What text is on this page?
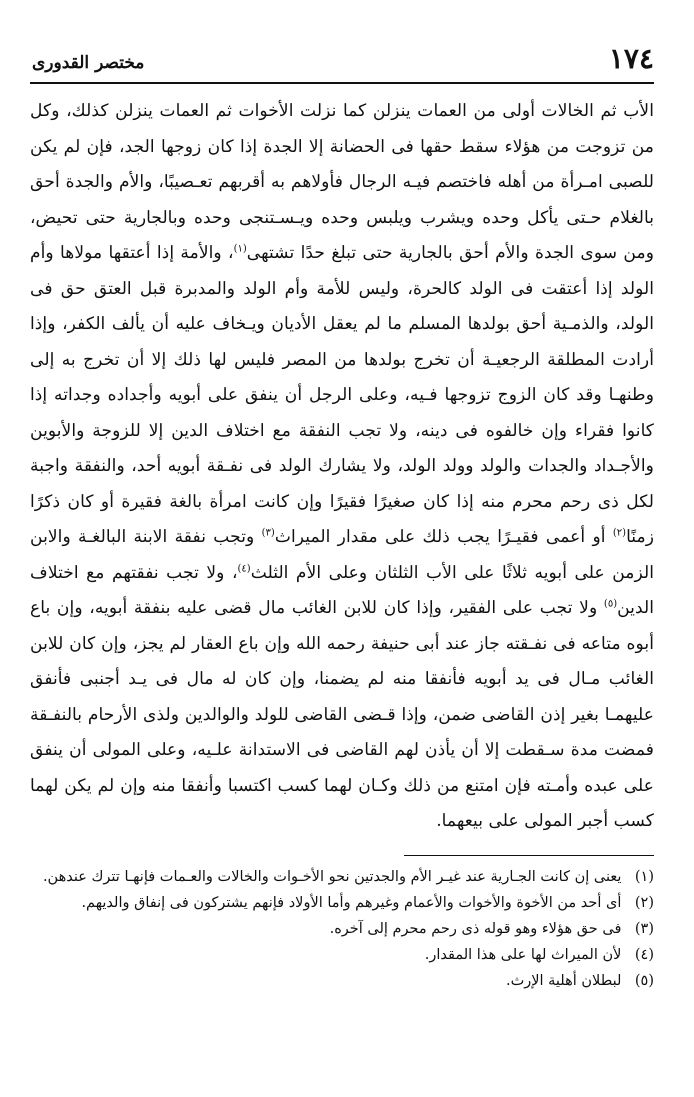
١٧٤
مختصر القدورى
الأب ثم الخالات أولى من العمات ينزلن كما نزلت الأخوات ثم العمات ينزلن كذلك، وكل من تزوجت من هؤلاء سقط حقها فى الحضانة إلا الجدة إذا كان زوجها الجد، فإن لم يكن للصبى امـرأة من أهله فاختصم فيـه الرجال فأولاهم به أقربهم تعـصيبًا، والأم والجدة أحق بالغلام حـتى يأكل وحده ويشرب ويلبس وحده ويـسـتنجى وحده وبالجارية حتى تحيض، ومن سوى الجدة والأم أحق بالجارية حتى تبلغ حدًا تشتهى$^{(١)}$، والأمة إذا أعتقها مولاها وأم الولد إذا أعتقت فى الولد كالحرة، وليس للأمة وأم الولد والمدبرة قبل العتق حق فى الولد، والذمـية أحق بولدها المسلم ما لم يعقل الأديان ويـخاف عليه أن يألف الكفر، وإذا أرادت المطلقة الرجعيـة أن تخرج بولدها من المصر فليس لها ذلك إلا أن تخرج به إلى وطنهـا وقد كان الزوج تزوجها فـيه، وعلى الرجل أن ينفق على أبويه وأجداده وجداته إذا كانوا فقراء وإن خالفوه فى دينه، ولا تجب النفقة مع اختلاف الدين إلا للزوجة والأبوين والأجـداد والجدات والولد وولد الولد، ولا يشارك الولد فى نفـقة أبويه أحد، والنفقة واجبة لكل ذى رحم محرم منه إذا كان صغيرًا فقيرًا وإن كانت امرأة بالغة فقيرة أو كان ذكرًا زمنًا$^{(٢)}$ أو أعمى فقيـرًا يجب ذلك على مقدار الميراث$^{(٣)}$ وتجب نفقة الابنة البالغـة والابن الزمن على أبويه ثلاثًا على الأب الثلثان وعلى الأم الثلث$^{(٤)}$، ولا تجب نفقتهم مع اختلاف الدين$^{(٥)}$ ولا تجب على الفقير، وإذا كان للابن الغائب مال قضى عليه بنفقة أبويه، وإن باع أبوه متاعه فى نفـقته جاز عند أبى حنيفة رحمه الله وإن باع العقار لم يجز، وإن كان للابن الغائب مـال فى يد أبويه فأنفقا منه لم يضمنا، وإن كان له مال فى يـد أجنبى فأنفق عليهمـا بغير إذن القاضى ضمن، وإذا قـضى القاضى للولد والوالدين ولذى الأرحام بالنفـقة فمضت مدة سـقطت إلا أن يأذن لهم القاضى فى الاستدانة علـيه، وعلى المولى أن ينفق على عبده وأمـته فإن امتنع من ذلك وكـان لهما كسب اكتسبا وأنفقا منه وإن لم يكن لهما كسب أجبر المولى على بيعهما.

(١) يعنى إن كانت الجـارية عند غيـر الأم والجدتين نحو الأخـوات والخالات والعـمات فإنهـا تترك عندهن.

(٢) أى أحد من الأخوة والأخوات والأعمام وغيرهم وأما الأولاد فإنهم يشتركون فى إنفاق والديهم.

(٣) فى حق هؤلاء وهو قوله ذى رحم محرم إلى آخره.

(٤) لأن الميراث لها على هذا المقدار.

(٥) لبطلان أهلية الإرث.
